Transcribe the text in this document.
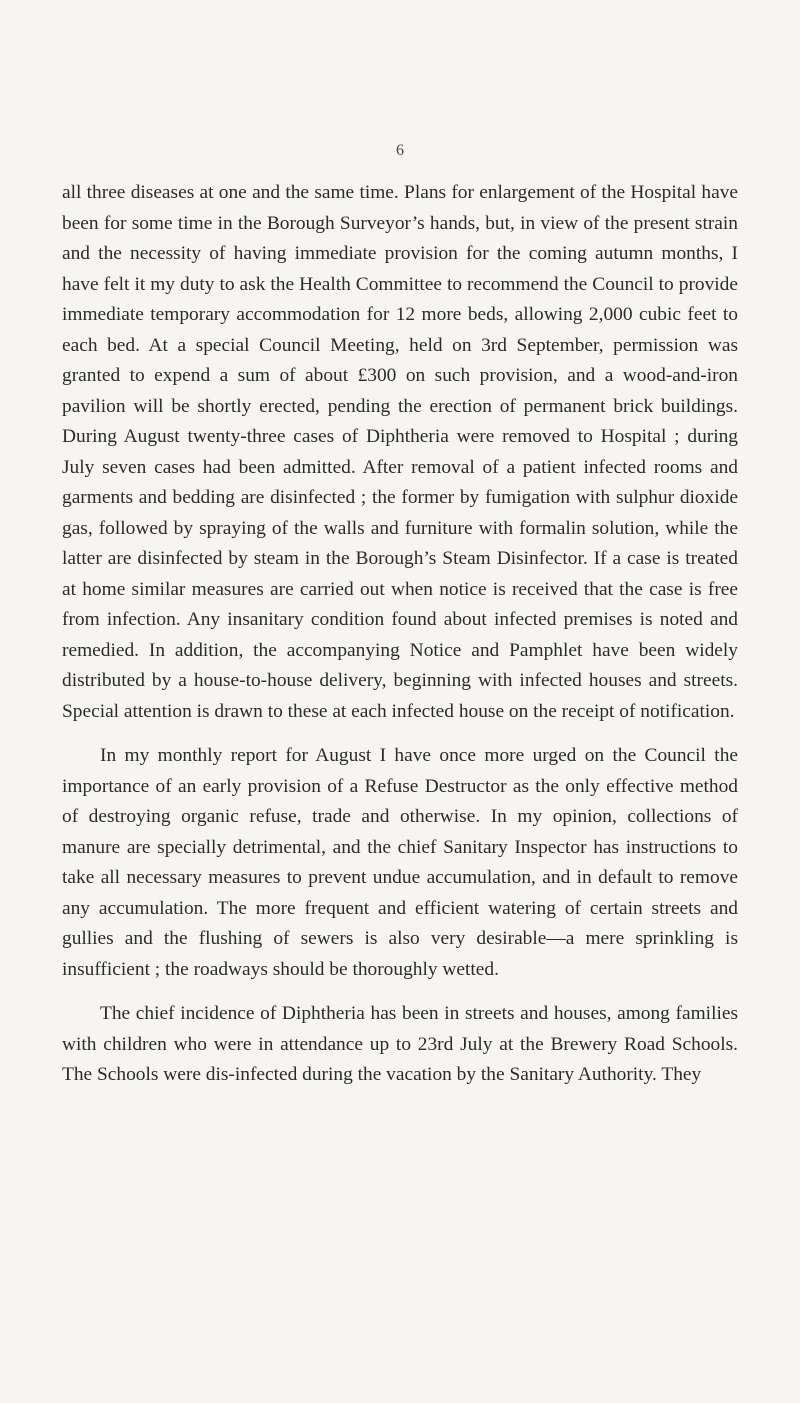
6

all three diseases at one and the same time. Plans for enlargement of the Hospital have been for some time in the Borough Surveyor’s hands, but, in view of the present strain and the necessity of having immediate provision for the coming autumn months, I have felt it my duty to ask the Health Committee to recommend the Council to provide immediate temporary accommodation for 12 more beds, allowing 2,000 cubic feet to each bed. At a special Council Meeting, held on 3rd September, permission was granted to expend a sum of about £300 on such provision, and a wood-and-iron pavilion will be shortly erected, pending the erection of permanent brick buildings. During August twenty-three cases of Diphtheria were removed to Hospital ; during July seven cases had been admitted. After removal of a patient infected rooms and garments and bedding are disinfected ; the former by fumigation with sulphur dioxide gas, followed by spraying of the walls and furniture with formalin solution, while the latter are disinfected by steam in the Borough’s Steam Disinfector. If a case is treated at home similar measures are carried out when notice is received that the case is free from infection. Any insanitary condition found about infected premises is noted and remedied. In addition, the accompanying Notice and Pamphlet have been widely distributed by a house-to-house delivery, beginning with infected houses and streets. Special attention is drawn to these at each infected house on the receipt of notification.

In my monthly report for August I have once more urged on the Council the importance of an early provision of a Refuse Destructor as the only effective method of destroying organic refuse, trade and otherwise. In my opinion, collections of manure are specially detrimental, and the chief Sanitary Inspector has instructions to take all necessary measures to prevent undue accumulation, and in default to remove any accumulation. The more frequent and efficient watering of certain streets and gullies and the flushing of sewers is also very desirable—a mere sprinkling is insufficient ; the roadways should be thoroughly wetted.

The chief incidence of Diphtheria has been in streets and houses, among families with children who were in attendance up to 23rd July at the Brewery Road Schools. The Schools were dis-infected during the vacation by the Sanitary Authority. They
